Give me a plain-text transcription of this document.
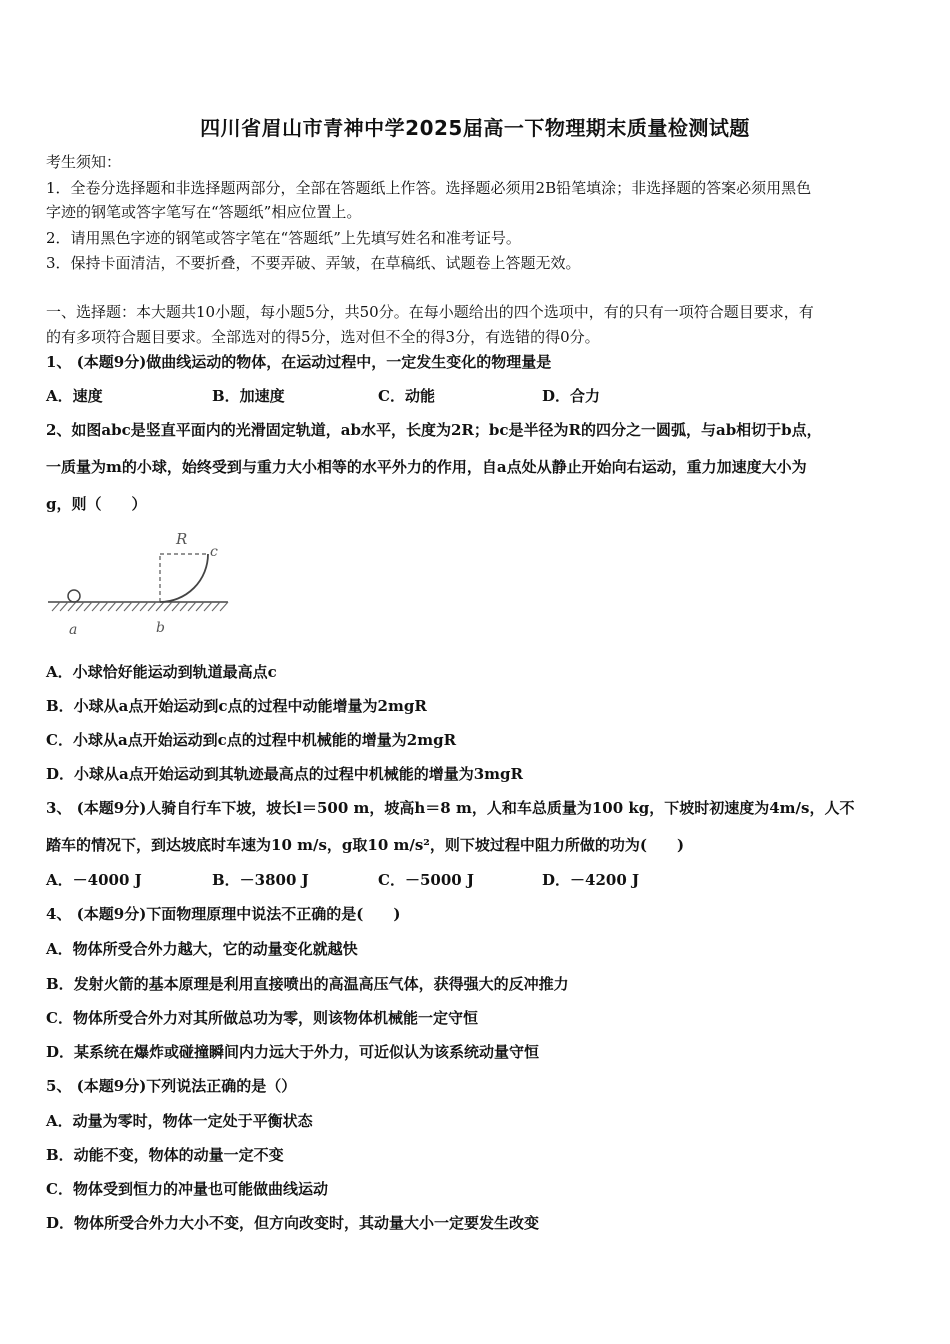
四川省眉山市青神中学2025届高一下物理期末质量检测试题
考生须知：
1．全卷分选择题和非选择题两部分，全部在答题纸上作答。选择题必须用2B铅笔填涂；非选择题的答案必须用黑色
字迹的钢笔或答字笔写在“答题纸”相应位置上。
2．请用黑色字迹的钢笔或答字笔在“答题纸”上先填写姓名和准考证号。
3．保持卡面清洁，不要折叠，不要弄破、弄皱，在草稿纸、试题卷上答题无效。
一、选择题：本大题共10小题，每小题5分，共50分。在每小题给出的四个选项中，有的只有一项符合题目要求，有
的有多项符合题目要求。全部选对的得5分，选对但不全的得3分，有选错的得0分。
1、 (本题9分)做曲线运动的物体，在运动过程中，一定发生变化的物理量是
A．速度	B．加速度	C．动能	D．合力
2、如图abc是竖直平面内的光滑固定轨道，ab水平，长度为2R；bc是半径为R的四分之一圆弧，与ab相切于b点，
一质量为m的小球，始终受到与重力大小相等的水平外力的作用，自a点处从静止开始向右运动，重力加速度大小为
g，则（　　）
R
c
a	b
A．小球恰好能运动到轨道最高点c
B．小球从a点开始运动到c点的过程中动能增量为2mgR
C．小球从a点开始运动到c点的过程中机械能的增量为2mgR
D．小球从a点开始运动到其轨迹最高点的过程中机械能的增量为3mgR
3、 (本题9分)人骑自行车下坡，坡长l＝500 m，坡高h＝8 m，人和车总质量为100 kg，下坡时初速度为4m/s，人不
踏车的情况下，到达坡底时车速为10 m/s，g取10 m/s²，则下坡过程中阻力所做的功为(　　)
A．－4000 J	B．－3800 J	C．－5000 J	D．－4200 J
4、 (本题9分)下面物理原理中说法不正确的是(　　)
A．物体所受合外力越大，它的动量变化就越快
B．发射火箭的基本原理是利用直接喷出的高温高压气体，获得强大的反冲推力
C．物体所受合外力对其所做总功为零，则该物体机械能一定守恒
D．某系统在爆炸或碰撞瞬间内力远大于外力，可近似认为该系统动量守恒
5、 (本题9分)下列说法正确的是（）
A．动量为零时，物体一定处于平衡状态
B．动能不变，物体的动量一定不变
C．物体受到恒力的冲量也可能做曲线运动
D．物体所受合外力大小不变，但方向改变时，其动量大小一定要发生改变
